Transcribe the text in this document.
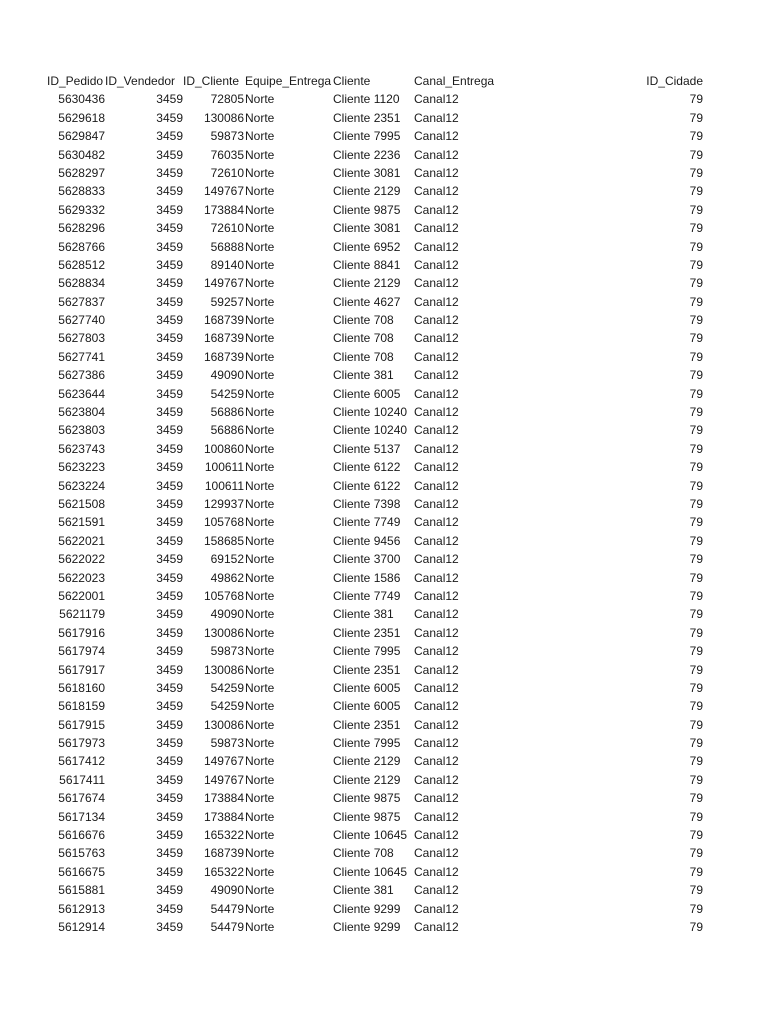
ID_Pedido ID_Vendedor ID_Cliente Equipe_Entrega Cliente	Canal_Entrega	ID_Cidade
5630436	3459	72805 Norte	Cliente 1120	Canal12	79
5629618	3459	130086 Norte	Cliente 2351	Canal12	79
5629847	3459	59873 Norte	Cliente 7995	Canal12	79
5630482	3459	76035 Norte	Cliente 2236	Canal12	79
5628297	3459	72610 Norte	Cliente 3081	Canal12	79
5628833	3459	149767 Norte	Cliente 2129	Canal12	79
5629332	3459	173884 Norte	Cliente 9875	Canal12	79
5628296	3459	72610 Norte	Cliente 3081	Canal12	79
5628766	3459	56888 Norte	Cliente 6952	Canal12	79
5628512	3459	89140 Norte	Cliente 8841	Canal12	79
5628834	3459	149767 Norte	Cliente 2129	Canal12	79
5627837	3459	59257 Norte	Cliente 4627	Canal12	79
5627740	3459	168739 Norte	Cliente 708	Canal12	79
5627803	3459	168739 Norte	Cliente 708	Canal12	79
5627741	3459	168739 Norte	Cliente 708	Canal12	79
5627386	3459	49090 Norte	Cliente 381	Canal12	79
5623644	3459	54259 Norte	Cliente 6005	Canal12	79
5623804	3459	56886 Norte	Cliente 10240 Canal12	79
5623803	3459	56886 Norte	Cliente 10240 Canal12	79
5623743	3459	100860 Norte	Cliente 5137	Canal12	79
5623223	3459	100611 Norte	Cliente 6122	Canal12	79
5623224	3459	100611 Norte	Cliente 6122	Canal12	79
5621508	3459	129937 Norte	Cliente 7398	Canal12	79
5621591	3459	105768 Norte	Cliente 7749	Canal12	79
5622021	3459	158685 Norte	Cliente 9456	Canal12	79
5622022	3459	69152 Norte	Cliente 3700	Canal12	79
5622023	3459	49862 Norte	Cliente 1586	Canal12	79
5622001	3459	105768 Norte	Cliente 7749	Canal12	79
5621179	3459	49090 Norte	Cliente 381	Canal12	79
5617916	3459	130086 Norte	Cliente 2351	Canal12	79
5617974	3459	59873 Norte	Cliente 7995	Canal12	79
5617917	3459	130086 Norte	Cliente 2351	Canal12	79
5618160	3459	54259 Norte	Cliente 6005	Canal12	79
5618159	3459	54259 Norte	Cliente 6005	Canal12	79
5617915	3459	130086 Norte	Cliente 2351	Canal12	79
5617973	3459	59873 Norte	Cliente 7995	Canal12	79
5617412	3459	149767 Norte	Cliente 2129	Canal12	79
5617411	3459	149767 Norte	Cliente 2129	Canal12	79
5617674	3459	173884 Norte	Cliente 9875	Canal12	79
5617134	3459	173884 Norte	Cliente 9875	Canal12	79
5616676	3459	165322 Norte	Cliente 10645 Canal12	79
5615763	3459	168739 Norte	Cliente 708	Canal12	79
5616675	3459	165322 Norte	Cliente 10645 Canal12	79
5615881	3459	49090 Norte	Cliente 381	Canal12	79
5612913	3459	54479 Norte	Cliente 9299	Canal12	79
5612914	3459	54479 Norte	Cliente 9299	Canal12	79
